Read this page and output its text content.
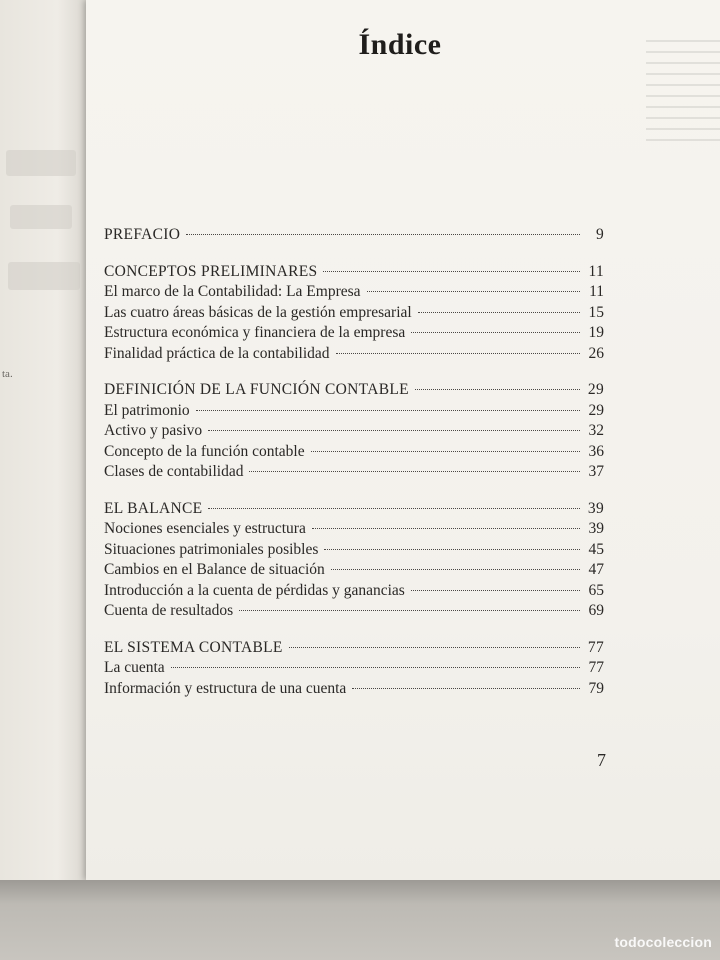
ta.
Índice
PREFACIO	9
CONCEPTOS PRELIMINARES	11
El marco de la Contabilidad: La Empresa	11
Las cuatro áreas básicas de la gestión empresarial	15
Estructura económica y financiera de la empresa	19
Finalidad práctica de la contabilidad	26
DEFINICIÓN DE LA FUNCIÓN CONTABLE	29
El patrimonio	29
Activo y pasivo	32
Concepto de la función contable	36
Clases de contabilidad	37
EL BALANCE	39
Nociones esenciales y estructura	39
Situaciones patrimoniales posibles	45
Cambios en el Balance de situación	47
Introducción a la cuenta de pérdidas y ganancias	65
Cuenta de resultados	69
EL SISTEMA CONTABLE	77
La cuenta	77
Información y estructura de una cuenta	79
7
todocoleccion
